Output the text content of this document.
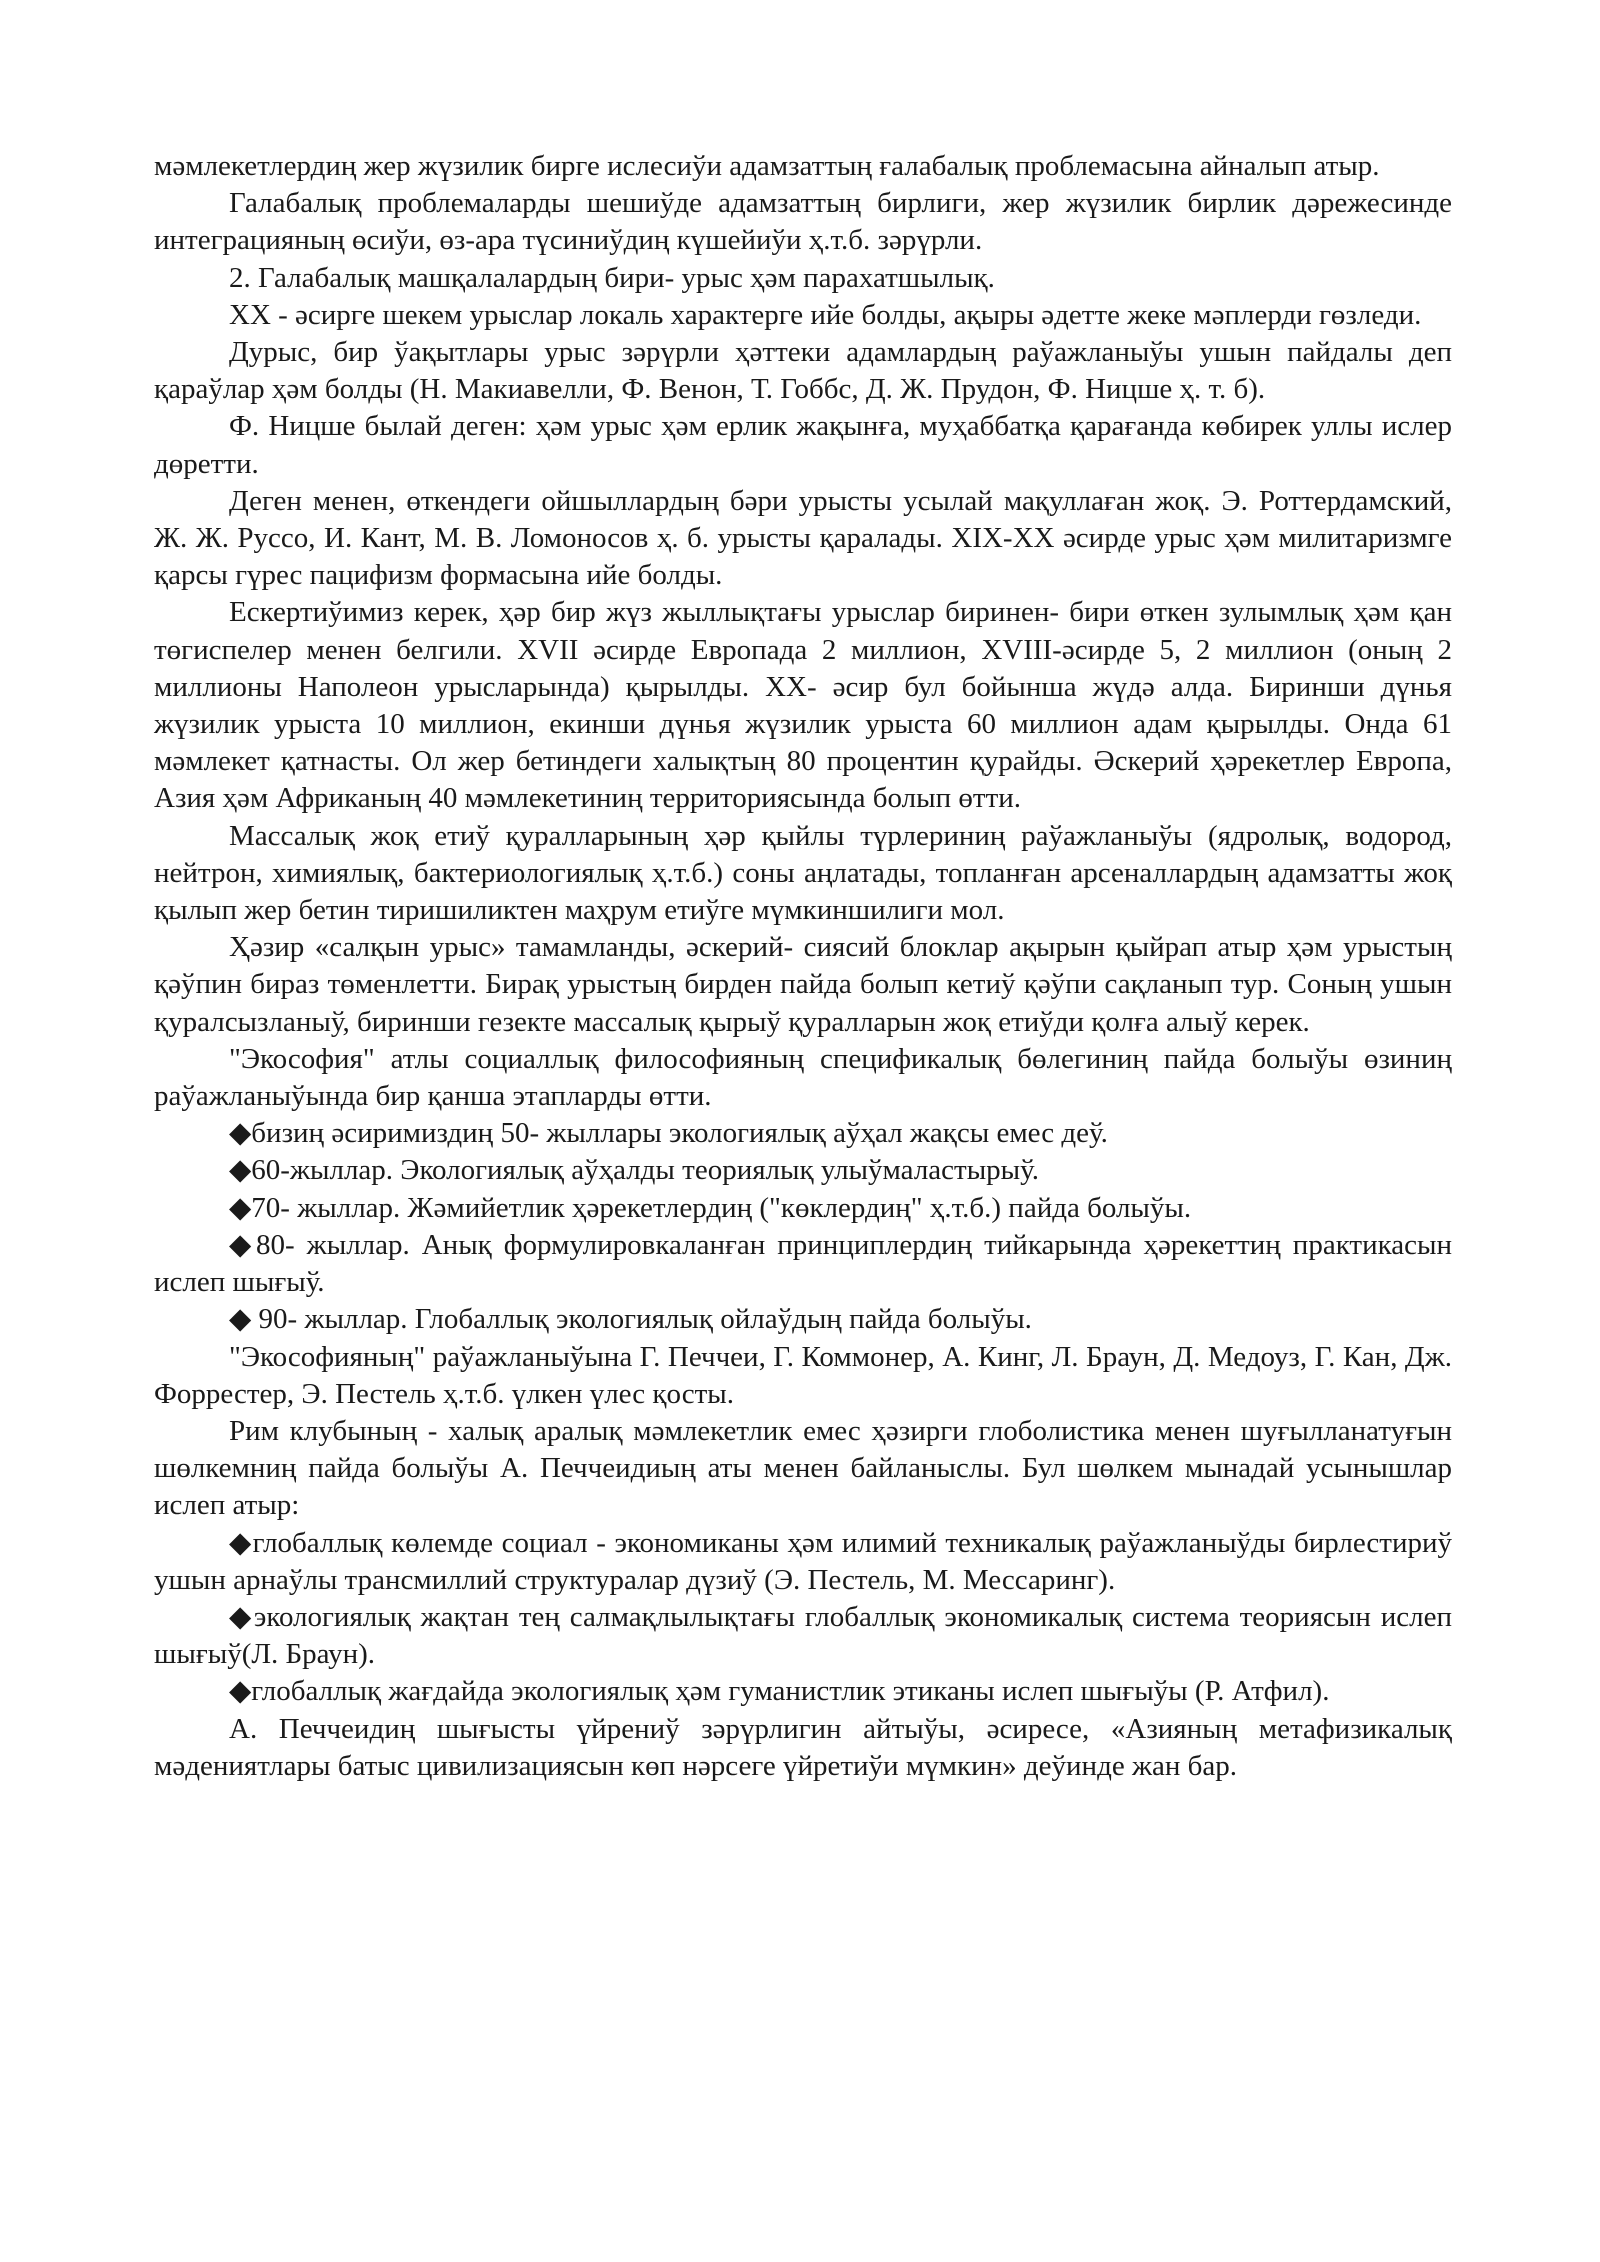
мәмлекетлердиң жер жүзилик бирге ислесиўи адамзаттың ғалабалық проблемасына айналып атыр.

Галабалық проблемаларды шешиўде адамзаттың бирлиги, жер жүзилик бирлик дәрежесинде интеграцияның өсиўи, өз-ара түсиниўдиң күшейиўи ҳ.т.б. зәрүрли.

2. Галабалық машқалалардың бири- урыс ҳәм парахатшылық.

XX - әсирге шекем урыслар локаль характерге ийе болды, ақыры әдетте жеке мәплерди гөзледи.

Дурыс, бир ўақытлары урыс зәрүрли ҳәттеки адамлардың раўажланыўы ушын пайдалы деп қараўлар ҳәм болды (Н. Макиавелли, Ф. Венон, Т. Гоббс, Д. Ж. Прудон, Ф. Ницше ҳ. т. б).

Ф. Ницше былай деген: ҳәм урыс ҳәм ерлик жақынға, муҳаббатқа қарағанда көбирек уллы ислер дөретти.

Деген менен, өткендеги ойшыллардың бәри урысты усылай мақуллаған жоқ. Э. Роттердамский, Ж. Ж. Руссо, И. Кант, М. В. Ломоносов ҳ. б. урысты қаралады. XIX-XX әсирде урыс ҳәм милитаризмге қарсы гүрес пацифизм формасына ийе болды.

Ескертиўимиз керек, ҳәр бир жүз жыллықтағы урыслар биринен- бири өткен зулымлық ҳәм қан төгиспелер менен белгили. XVII әсирде Европада 2 миллион, XVIII-әсирде 5, 2 миллион (оның 2 миллионы Наполеон урысларында) қырылды. XX- әсир бул бойынша жүдә алда. Биринши дүнья жүзилик урыста 10 миллион, екинши дүнья жүзилик урыста 60 миллион адам қырылды. Онда 61 мәмлекет қатнасты. Ол жер бетиндеги халықтың 80 процентин қурайды. Әскерий ҳәрекетлер Европа, Азия ҳәм Африканың 40 мәмлекетиниң территориясында болып өтти.

Массалық жоқ етиў қуралларының ҳәр қыйлы түрлериниң раўажланыўы (ядролық, водород, нейтрон, химиялық, бактериологиялық ҳ.т.б.) соны аңлатады, топланған арсеналлардың адамзатты жоқ қылып жер бетин тиришиликтен маҳрум етиўге мүмкиншилиги мол.

Ҳәзир «салқын урыс» тамамланды, әскерий- сиясий блоклар ақырын қыйрап атыр ҳәм урыстың қәўпин бираз төменлетти. Бирақ урыстың бирден пайда болып кетиў қәўпи сақланып тур. Соның ушын қуралсызланыў, биринши гезекте массалық қырыў қуралларын жоқ етиўди қолға алыў керек.

"Экософия" атлы социаллық философияның спецификалық бөлегиниң пайда болыўы өзиниң раўажланыўында бир қанша этапларды өтти.

◆бизиң әсиримиздиң 50- жыллары экологиялық аўҳал жақсы емес деў.

◆60-жыллар. Экологиялық аўҳалды теориялық улыўмаластырыў.

◆70- жыллар. Жәмийетлик ҳәрекетлердиң ("көклердиң" ҳ.т.б.) пайда болыўы.

◆80- жыллар. Анық формулировкаланған принциплердиң тийкарында ҳәрекеттиң практикасын ислеп шығыў.

◆ 90- жыллар. Глобаллық экологиялық ойлаўдың пайда болыўы.

"Экософияның" раўажланыўына Г. Печчеи, Г. Коммонер, А. Кинг, Л. Браун, Д. Медоуз, Г. Кан, Дж. Форрестер, Э. Пестель ҳ.т.б. үлкен үлес қосты.

Рим клубының - халық аралық мәмлекетлик емес ҳәзирги глоболистика менен шуғылланатуғын шөлкемниң пайда болыўы А. Печчеидиың аты менен байланыслы. Бул шөлкем мынадай усынышлар ислеп атыр:

◆глобаллық көлемде социал - экономиканы ҳәм илимий техникалық раўажланыўды бирлестириў ушын арнаўлы трансмиллий структуралар дүзиў (Э. Пестель, М. Мессаринг).

◆экологиялық жақтан тең салмақлылықтағы глобаллық экономикалық система теориясын ислеп шығыў(Л. Браун).

◆глобаллық жағдайда экологиялық ҳәм гуманистлик этиканы ислеп шығыўы (Р. Атфил).

А. Печчеидиң шығысты үйрениў зәрүрлигин айтыўы, әсиресе, «Азияның метафизикалық мәдениятлары батыс цивилизациясын көп нәрсеге үйретиўи мүмкин» деўинде жан бар.
